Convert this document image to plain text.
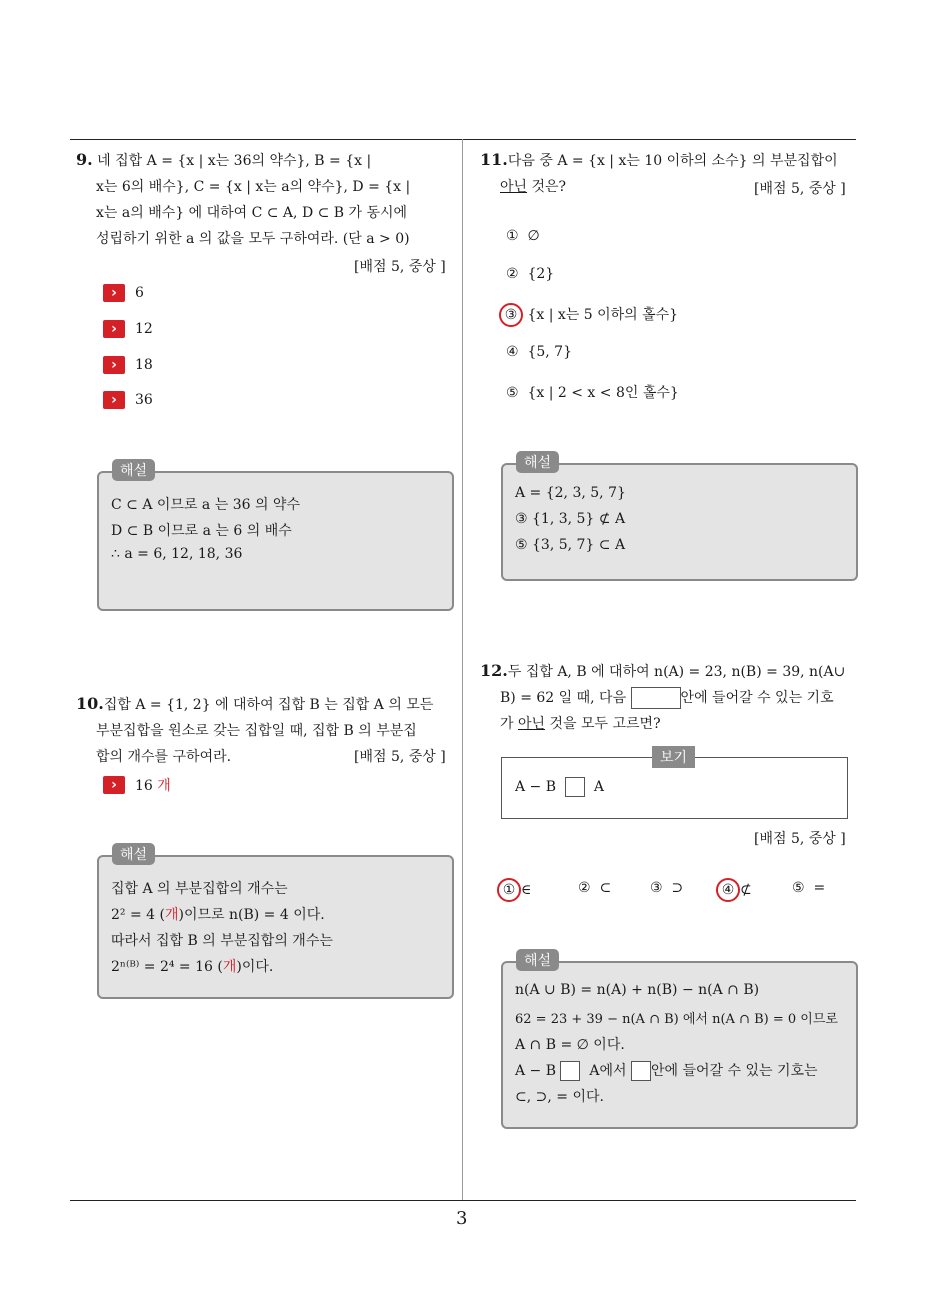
9. 네 집합 A = {x | x는 36의 약수}, B = {x |
x는 6의 배수}, C = {x | x는 a의 약수}, D = {x |
x는 a의 배수} 에 대하여 C ⊂ A, D ⊂ B 가 동시에
성립하기 위한 a 의 값을 모두 구하여라. (단 a > 0)
[배점 5, 중상 ]
›	6
›	12
›	18
›	36
해설
C ⊂ A 이므로 a 는 36 의 약수
D ⊂ B 이므로 a 는 6 의 배수
∴ a = 6, 12, 18, 36
10.집합 A = {1, 2} 에 대하여 집합 B 는 집합 A 의 모든
부분집합을 원소로 갖는 집합일 때, 집합 B 의 부분집
합의 개수를 구하여라.	[배점 5, 중상 ]
›	16 개
해설
집합 A 의 부분집합의 개수는
2² = 4 (개)이므로 n(B) = 4 이다.
따라서 집합 B 의 부분집합의 개수는
2ⁿ⁽ᴮ⁾ = 2⁴ = 16 (개)이다.
11.다음 중 A = {x | x는 10 이하의 소수} 의 부분집합이
아닌 것은?	[배점 5, 중상 ]
① ∅
② {2}
③ {x | x는 5 이하의 홀수}
④ {5, 7}
⑤ {x | 2 < x < 8인 홀수}
해설
A = {2, 3, 5, 7}
③ {1, 3, 5} ⊄ A
⑤ {3, 5, 7} ⊂ A
12.두 집합 A, B 에 대하여 n(A) = 23, n(B) = 39, n(A∪
B) = 62 일 때, 다음	안에 들어갈 수 있는 기호
가 아닌 것을 모두 고르면?
보기
A − B	A
[배점 5, 중상 ]
① ∈	② ⊂	③ ⊃	④ ⊄	⑤ =
해설
n(A ∪ B) = n(A) + n(B) − n(A ∩ B)
62 = 23 + 39 − n(A ∩ B) 에서 n(A ∩ B) = 0 이므로
A ∩ B = ∅ 이다.
A − B A에서 안에 들어갈 수 있는 기호는
⊂, ⊃, = 이다.
3
